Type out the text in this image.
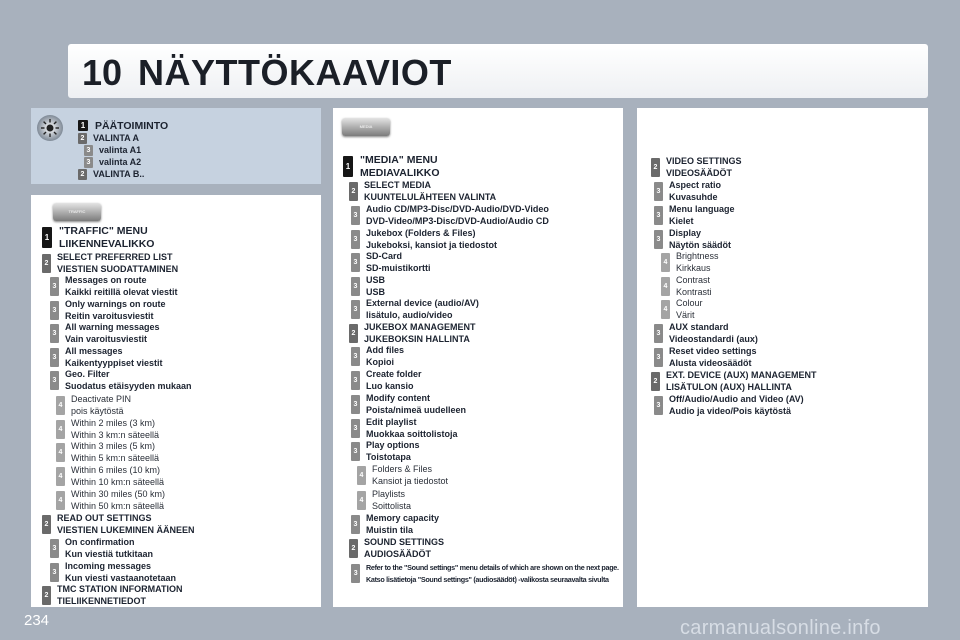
10 NÄYTTÖKAAVIOT
TRAFFIC
MEDIA
1 PÄÄTOIMINTO
2 VALINTA A
3 valinta A1
3 valinta A2
2 VALINTA B..
1
"TRAFFIC" MENU
LIIKENNEVALIKKO
2
SELECT PREFERRED LIST
VIESTIEN SUODATTAMINEN
3
Messages on route
Kaikki reitillä olevat viestit
3
Only warnings on route
Reitin varoitusviestit
3
All warning messages
Vain varoitusviestit
3
All messages
Kaikentyyppiset viestit
3
Geo. Filter
Suodatus etäisyyden mukaan
4
Deactivate PIN
pois käytöstä
4
Within 2 miles (3 km)
Within 3 km:n säteellä
4
Within 3 miles (5 km)
Within 5 km:n säteellä
4
Within 6 miles (10 km)
Within 10 km:n säteellä
4
Within 30 miles (50 km)
Within 50 km:n säteellä
2
READ OUT SETTINGS
VIESTIEN LUKEMINEN ÄÄNEEN
3
On confirmation
Kun viestiä tutkitaan
3
Incoming messages
Kun viesti vastaanotetaan
2
TMC STATION INFORMATION
TIELIIKENNETIEDOT
1
"MEDIA" MENU
MEDIAVALIKKO
2
SELECT MEDIA
KUUNTELULÄHTEEN VALINTA
3
Audio CD/MP3-Disc/DVD-Audio/DVD-Video
DVD-Video/MP3-Disc/DVD-Audio/Audio CD
3
Jukebox (Folders & Files)
Jukeboksi, kansiot ja tiedostot
3
SD-Card
SD-muistikortti
3
USB
USB
3
External device (audio/AV)
lisätulo, audio/video
2
JUKEBOX MANAGEMENT
JUKEBOKSIN HALLINTA
3
Add files
Kopioi
3
Create folder
Luo kansio
3
Modify content
Poista/nimeä uudelleen
3
Edit playlist
Muokkaa soittolistoja
3
Play options
Toistotapa
4
Folders & Files
Kansiot ja tiedostot
4
Playlists
Soittolista
3
Memory capacity
Muistin tila
2
SOUND SETTINGS
AUDIOSÄÄDÖT
3
Refer to the "Sound settings" menu details of which are shown on the next page.
Katso lisätietoja "Sound settings" (audiosäädöt) -valikosta seuraavalta sivulta
2
VIDEO SETTINGS
VIDEOSÄÄDÖT
3
Aspect ratio
Kuvasuhde
3
Menu language
Kielet
3
Display
Näytön säädöt
4
Brightness
Kirkkaus
4
Contrast
Kontrasti
4
Colour
Värit
3
AUX standard
Videostandardi (aux)
3
Reset video settings
Alusta videosäädöt
2
EXT. DEVICE (AUX) MANAGEMENT
LISÄTULON (AUX) HALLINTA
3
Off/Audio/Audio and Video (AV)
Audio ja video/Pois käytöstä
234	carmanualsonline.info
